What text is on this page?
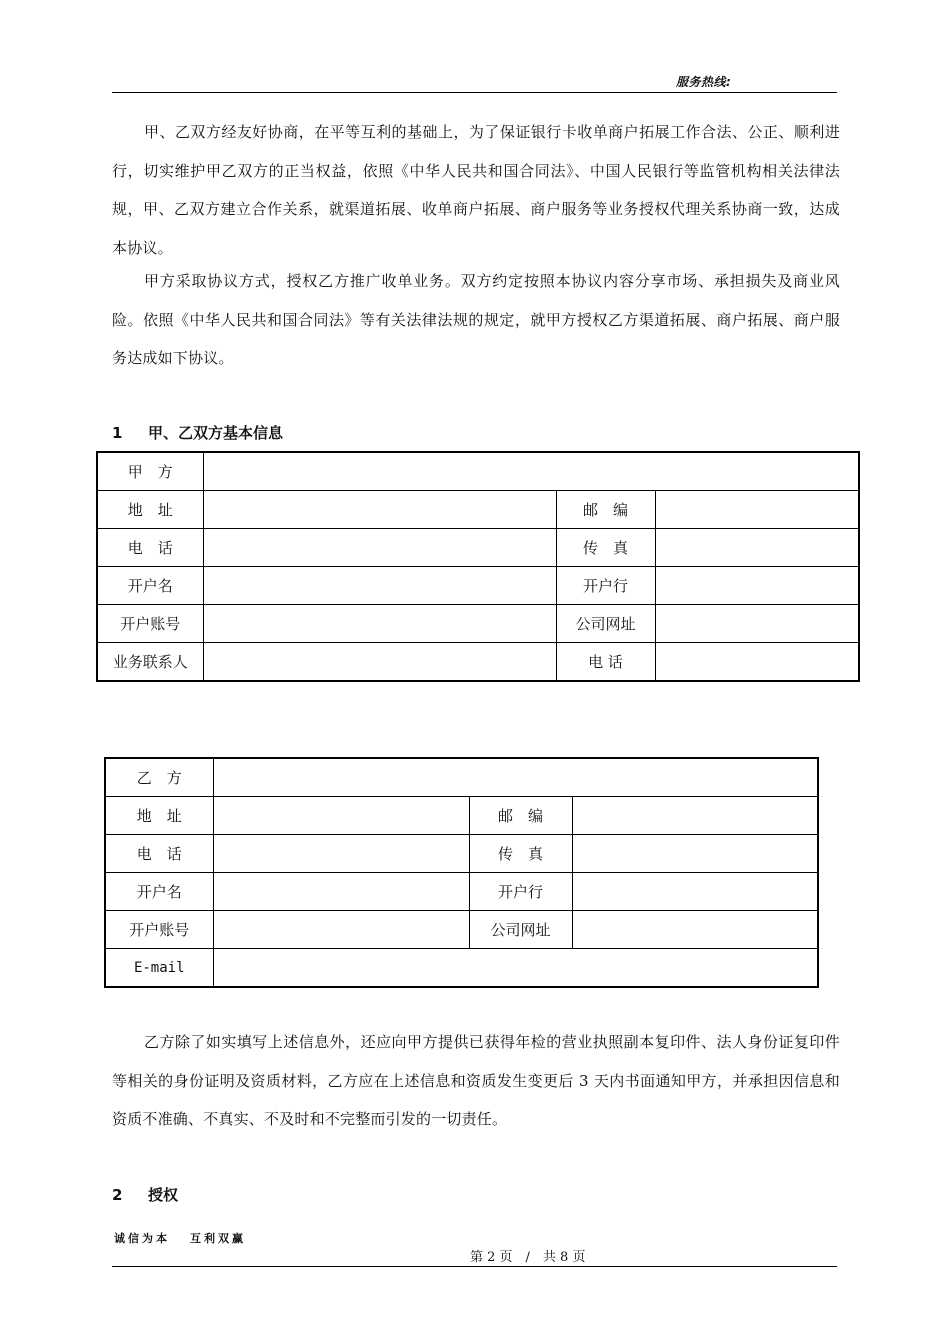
服务热线:

甲、乙双方经友好协商，在平等互利的基础上，为了保证银行卡收单商户拓展工作合法、公正、顺利进行，切实维护甲乙双方的正当权益，依照《中华人民共和国合同法》、中国人民银行等监管机构相关法律法规，甲、乙双方建立合作关系，就渠道拓展、收单商户拓展、商户服务等业务授权代理关系协商一致，达成本协议。

甲方采取协议方式，授权乙方推广收单业务。双方约定按照本协议内容分享市场、承担损失及商业风险。依照《中华人民共和国合同法》等有关法律法规的规定，就甲方授权乙方渠道拓展、商户拓展、商户服务达成如下协议。

1 甲、乙双方基本信息
甲　方			
地　址		邮　编	
电　话		传　真	
开户名		开户行	
开户账号		公司网址	
业务联系人		电 话	
乙　方			
地　址		邮　编	
电　话		传　真	
开户名		开户行	
开户账号		公司网址	
E-mail			

乙方除了如实填写上述信息外，还应向甲方提供已获得年检的营业执照副本复印件、法人身份证复印件等相关的身份证明及资质材料，乙方应在上述信息和资质发生变更后 3 天内书面通知甲方，并承担因信息和资质不准确、不真实、不及时和不完整而引发的一切责任。

2 授权
诚信为本 互利双赢
第 2 页　/　共 8 页
